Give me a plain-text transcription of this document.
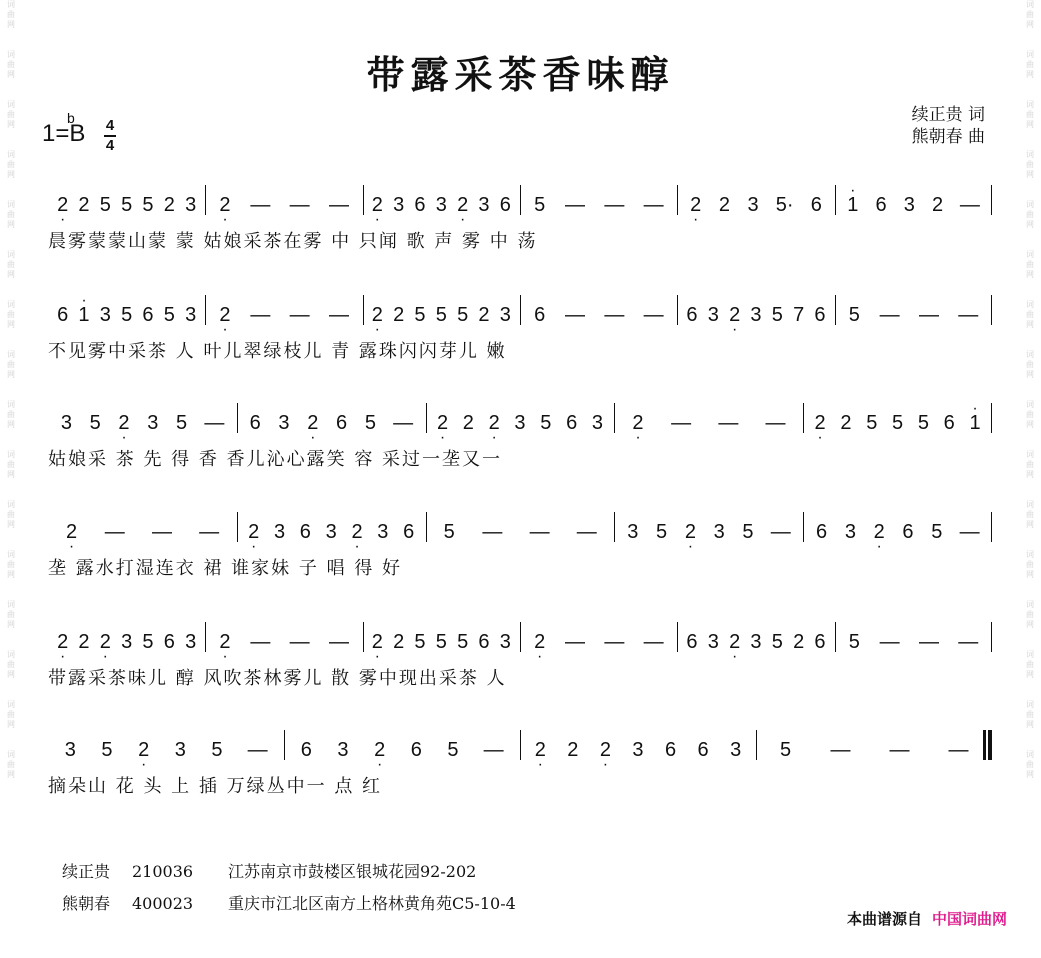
词
曲
网
词
曲
网
词
曲
网
词
曲
网
词
曲
网
词
曲
网
词
曲
网
词
曲
网
词
曲
网
词
曲
网
词
曲
网
词
曲
网
词
曲
网
词
曲
网
词
曲
网
词
曲
网
词
曲
网
词
曲
网
词
曲
网
词
曲
网
词
曲
网
词
曲
网
词
曲
网
词
曲
网
词
曲
网
词
曲
网
词
曲
网
词
曲
网
词
曲
网
词
曲
网
词
曲
网
词
曲
网
带露采茶香味醇
1=
b
B 4
4
续正贵 词
熊朝春 曲
2 · 2 5 5 5 2 3 2 · — — — 2 · 3 6 3 2 · 3 6 5 — — — 2 · 2 3 5· 6 · 1 6 3 2 —
晨雾蒙蒙山蒙 蒙 姑娘采茶在雾 中 只闻 歌 声 雾 中 荡
6 · 1 3 5 6 5 3 2 · — — — 2 · 2 5 5 5 2 3 6 — — — 6 3 2 · 3 5 7 6 5 — — —
不见雾中采茶 人 叶儿翠绿枝儿 青 露珠闪闪芽儿 嫩
3 5 2 · 3 5 — 6 3 2 · 6 5 — 2 · 2 2 · 3 5 6 3 2 · — — — 2 · 2 5 5 5 6 · 1
姑娘采 茶 先 得 香 香儿沁心露笑 容 采过一垄又一
2 · — — — 2 · 3 6 3 2 · 3 6 5 — — — 3 5 2 · 3 5 — 6 3 2 · 6 5 —
垄 露水打湿连衣 裙 谁家妹 子 唱 得 好
2 · 2 2 · 3 5 6 3 2 · — — — 2 · 2 5 5 5 6 3 2 · — — — 6 3 2 · 3 5 2 6 5 — — —
带露采茶味儿 醇 风吹茶林雾儿 散 雾中现出采茶 人
3 5 2 · 3 5 — 6 3 2 · 6 5 — 2 · 2 2 · 3 6 6 3 5 — — —
摘朵山 花 头 上 插 万绿丛中一 点 红
续正贵 210036 江苏南京市鼓楼区银城花园92-202
熊朝春 400023 重庆市江北区南方上格林黄角苑C5-10-4
本曲谱源自 中国词曲网
